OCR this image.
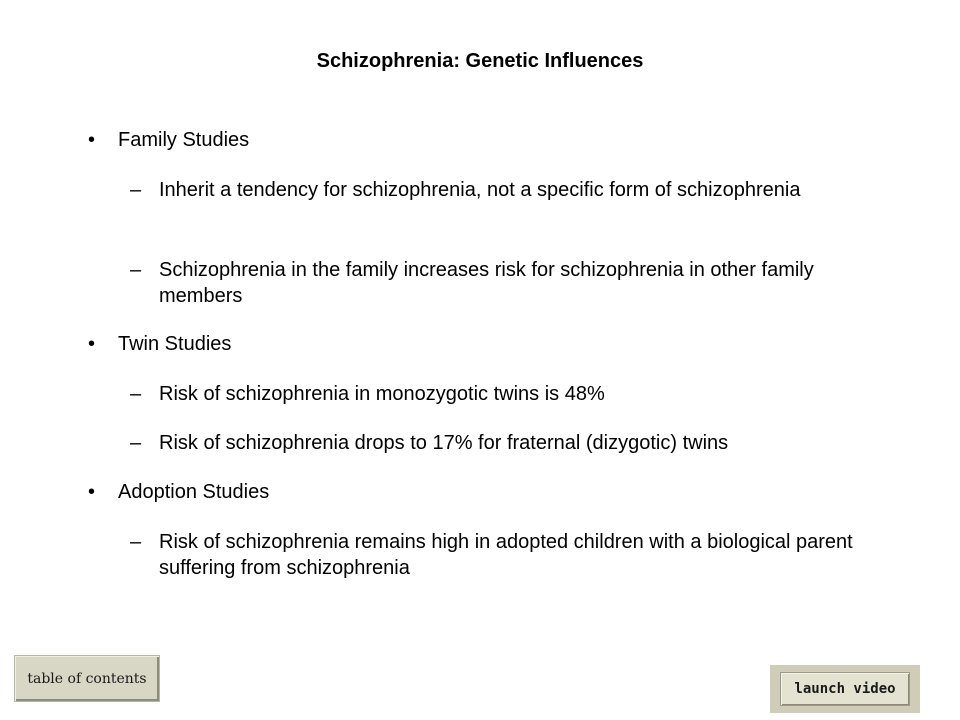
Schizophrenia: Genetic Influences
• Family Studies
– Inherit a tendency for schizophrenia, not a specific form of schizophrenia
– Schizophrenia in the family increases risk for schizophrenia in other family members
• Twin Studies
– Risk of schizophrenia in monozygotic twins is 48%
– Risk of schizophrenia drops to 17% for fraternal (dizygotic) twins
• Adoption Studies
– Risk of schizophrenia remains high in adopted children with a biological parent suffering from schizophrenia
table of contents
launch video
